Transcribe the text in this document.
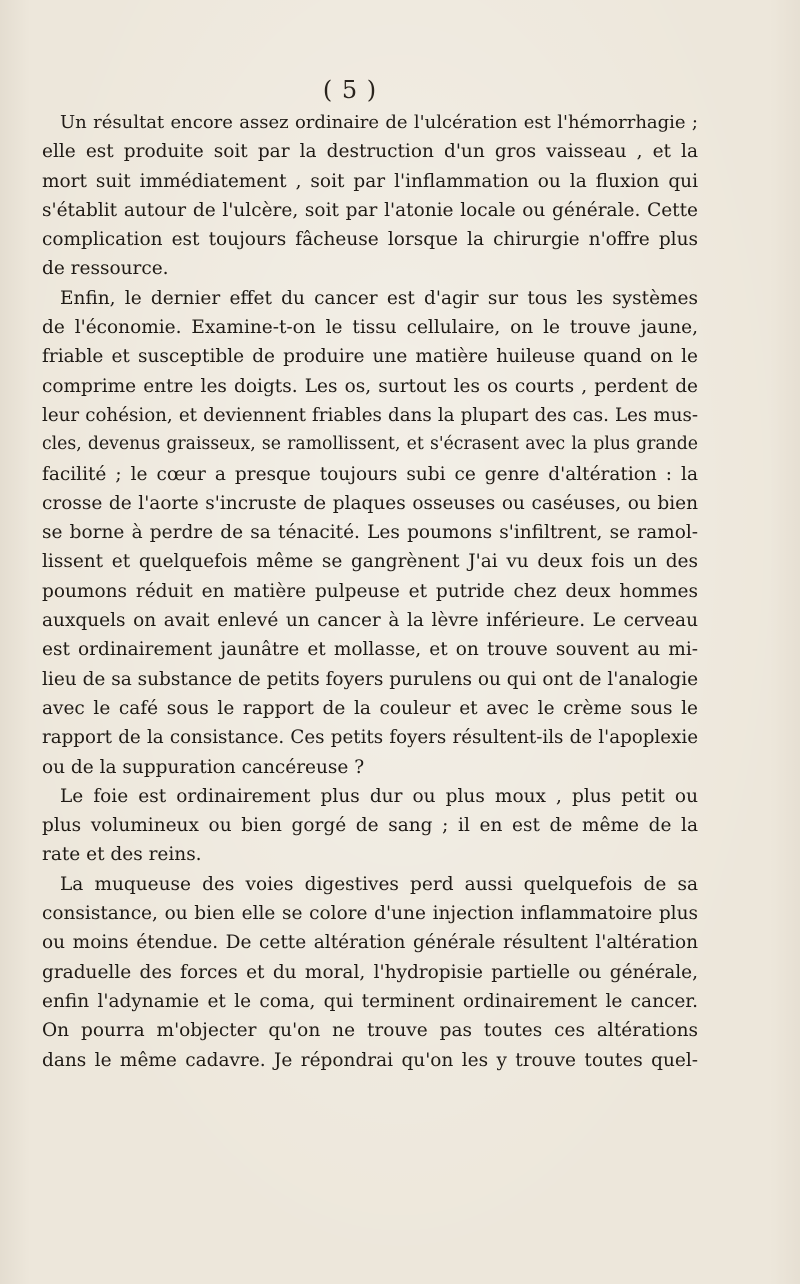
( 5 )
Un résultat encore assez ordinaire de l'ulcération est l'hémorrhagie ;
elle est produite soit par la destruction d'un gros vaisseau , et la
mort suit immédiatement , soit par l'inflammation ou la fluxion qui
s'établit autour de l'ulcère, soit par l'atonie locale ou générale. Cette
complication est toujours fâcheuse lorsque la chirurgie n'offre plus
de ressource.
Enfin, le dernier effet du cancer est d'agir sur tous les systèmes
de l'économie. Examine-t-on le tissu cellulaire, on le trouve jaune,
friable et susceptible de produire une matière huileuse quand on le
comprime entre les doigts. Les os, surtout les os courts , perdent de
leur cohésion, et deviennent friables dans la plupart des cas. Les mus-
cles, devenus graisseux, se ramollissent, et s'écrasent avec la plus grande
facilité ; le cœur a presque toujours subi ce genre d'altération : la
crosse de l'aorte s'incruste de plaques osseuses ou caséuses, ou bien
se borne à perdre de sa ténacité. Les poumons s'infiltrent, se ramol-
lissent et quelquefois même se gangrènent J'ai vu deux fois un des
poumons réduit en matière pulpeuse et putride chez deux hommes
auxquels on avait enlevé un cancer à la lèvre inférieure. Le cerveau
est ordinairement jaunâtre et mollasse, et on trouve souvent au mi-
lieu de sa substance de petits foyers purulens ou qui ont de l'analogie
avec le café sous le rapport de la couleur et avec le crème sous le
rapport de la consistance. Ces petits foyers résultent-ils de l'apoplexie
ou de la suppuration cancéreuse ?
Le foie est ordinairement plus dur ou plus moux , plus petit ou
plus volumineux ou bien gorgé de sang ; il en est de même de la
rate et des reins.
La muqueuse des voies digestives perd aussi quelquefois de sa
consistance, ou bien elle se colore d'une injection inflammatoire plus
ou moins étendue. De cette altération générale résultent l'altération
graduelle des forces et du moral, l'hydropisie partielle ou générale,
enfin l'adynamie et le coma, qui terminent ordinairement le cancer.
On pourra m'objecter qu'on ne trouve pas toutes ces altérations
dans le même cadavre. Je répondrai qu'on les y trouve toutes quel-
